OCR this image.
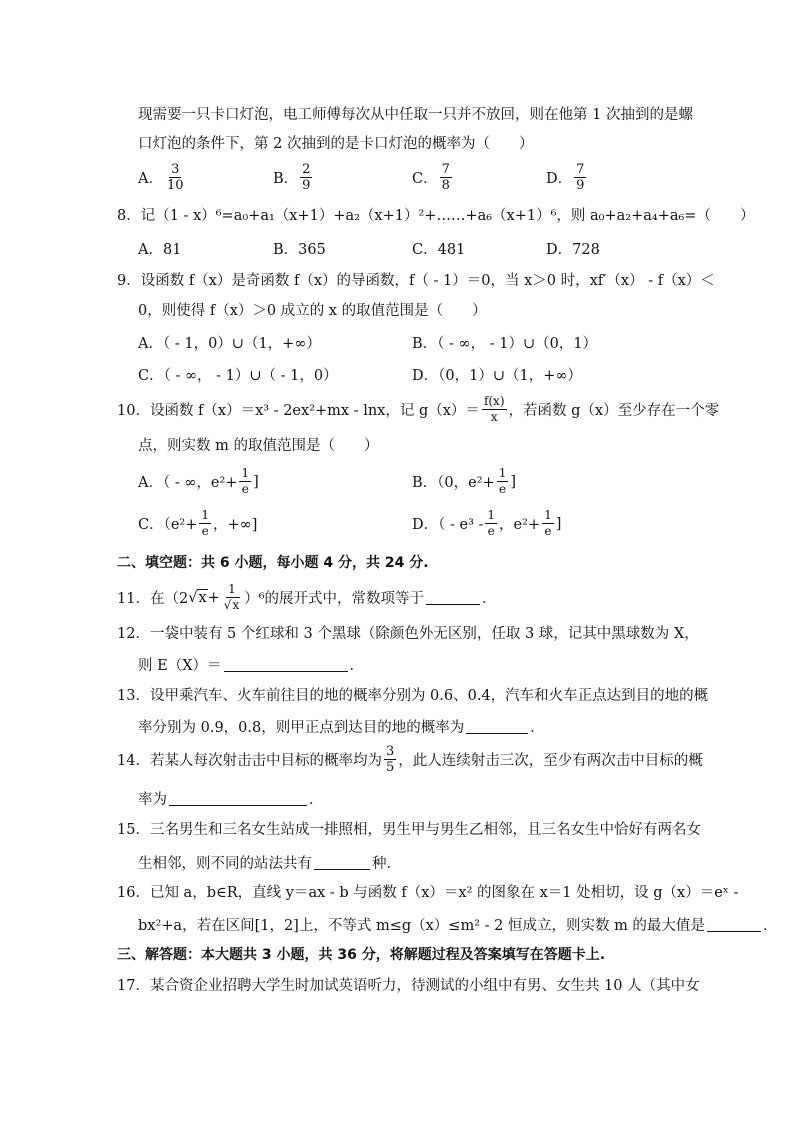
现需要一只卡口灯泡，电工师傅每次从中任取一只并不放回，则在他第 1 次抽到的是螺
口灯泡的条件下，第 2 次抽到的是卡口灯泡的概率为（　　）
A． $\frac{3}{10}$	B． $\frac{2}{9}$	C． $\frac{7}{8}$	D． $\frac{7}{9}$
8．记（1 - x）⁶=a₀+a₁（x+1）+a₂（x+1）²+……+a₆（x+1）⁶，则 a₀+a₂+a₄+a₆=（　　）
A．81	B．365	C．481	D．728
9．设函数 f（x）是奇函数 f（x）的导函数，f（ - 1）＝0，当 x＞0 时，xf′（x） - f（x）＜
0，则使得 f（x）＞0 成立的 x 的取值范围是（　　）
A．（ - 1，0）∪（1，+∞）	B．（ - ∞， - 1）∪（0，1）
C．（ - ∞， - 1）∪（ - 1，0）	D．（0，1）∪（1，+∞）
10．设函数 f（x）＝x³ - 2ex²+mx - lnx，记 $g(x)= \frac{f(x)}{x}$ ，若函数 g（x）至少存在一个零
点，则实数 m 的取值范围是（　　）
A．（ - ∞，$e^2+ \frac{1}{e}$ ]	B．（0，$e^2+ \frac{1}{e}$ ]
C．（$e^2+ \frac{1}{e}$ ，+∞]	D．（ - $e^3 - \frac{1}{e}$ ，$e^2+ \frac{1}{e}$ ]
二、填空题：共 6 小题，每小题 4 分，共 24 分.
11．在（2 √ $x + \frac{1}{√x} )^6$的展开式中，常数项等于	．
12．一袋中装有 5 个红球和 3 个黑球（除颜色外无区别，任取 3 球，记其中黑球数为 X，
则 E（X）＝	．
13．设甲乘汽车、火车前往目的地的概率分别为 0.6、0.4，汽车和火车正点达到目的地的概
率分别为 0.9，0.8，则甲正点到达目的地的概率为	．
14．若某人每次射击击中目标的概率均为 $\frac{3}{5}$ ，此人连续射击三次，至少有两次击中目标的概
率为	．
15．三名男生和三名女生站成一排照相，男生甲与男生乙相邻，且三名女生中恰好有两名女
生相邻，则不同的站法共有	种．
16．已知 a，b∈R，直线 y＝ax - b 与函数 f（x）＝x² 的图象在 x＝1 处相切，设 g（x）＝eˣ -
bx²+a，若在区间[1，2]上，不等式 m≤g（x）≤m² - 2 恒成立，则实数 m 的最大值是	．
三、解答题：本大题共 3 小题，共 36 分，将解题过程及答案填写在答题卡上.
17．某合资企业招聘大学生时加试英语听力，待测试的小组中有男、女生共 10 人（其中女
